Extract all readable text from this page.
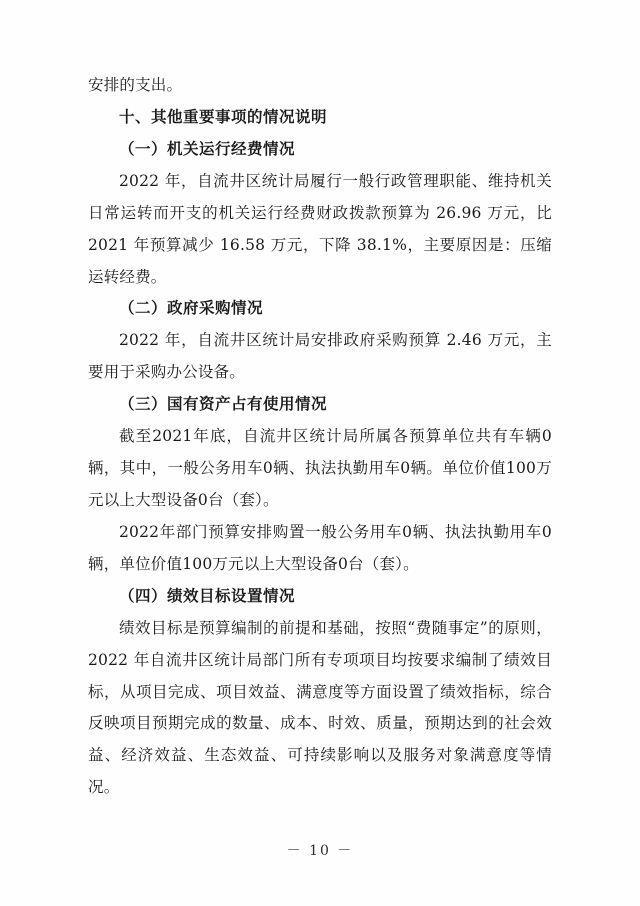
安排的支出。

十、其他重要事项的情况说明

（一）机关运行经费情况

2022 年，自流井区统计局履行一般行政管理职能、维持机关日常运转而开支的机关运行经费财政拨款预算为 26.96 万元，比 2021 年预算减少 16.58 万元，下降 38.1%，主要原因是：压缩运转经费。

（二）政府采购情况

2022 年，自流井区统计局安排政府采购预算 2.46 万元，主要用于采购办公设备。

（三）国有资产占有使用情况

截至2021年底，自流井区统计局所属各预算单位共有车辆0辆，其中，一般公务用车0辆、执法执勤用车0辆。单位价值100万元以上大型设备0台（套）。

2022年部门预算安排购置一般公务用车0辆、执法执勤用车0辆，单位价值100万元以上大型设备0台（套）。

（四）绩效目标设置情况

绩效目标是预算编制的前提和基础，按照“费随事定”的原则，2022 年自流井区统计局部门所有专项项目均按要求编制了绩效目标，从项目完成、项目效益、满意度等方面设置了绩效指标，综合反映项目预期完成的数量、成本、时效、质量，预期达到的社会效益、经济效益、生态效益、可持续影响以及服务对象满意度等情况。

－ 10 －
